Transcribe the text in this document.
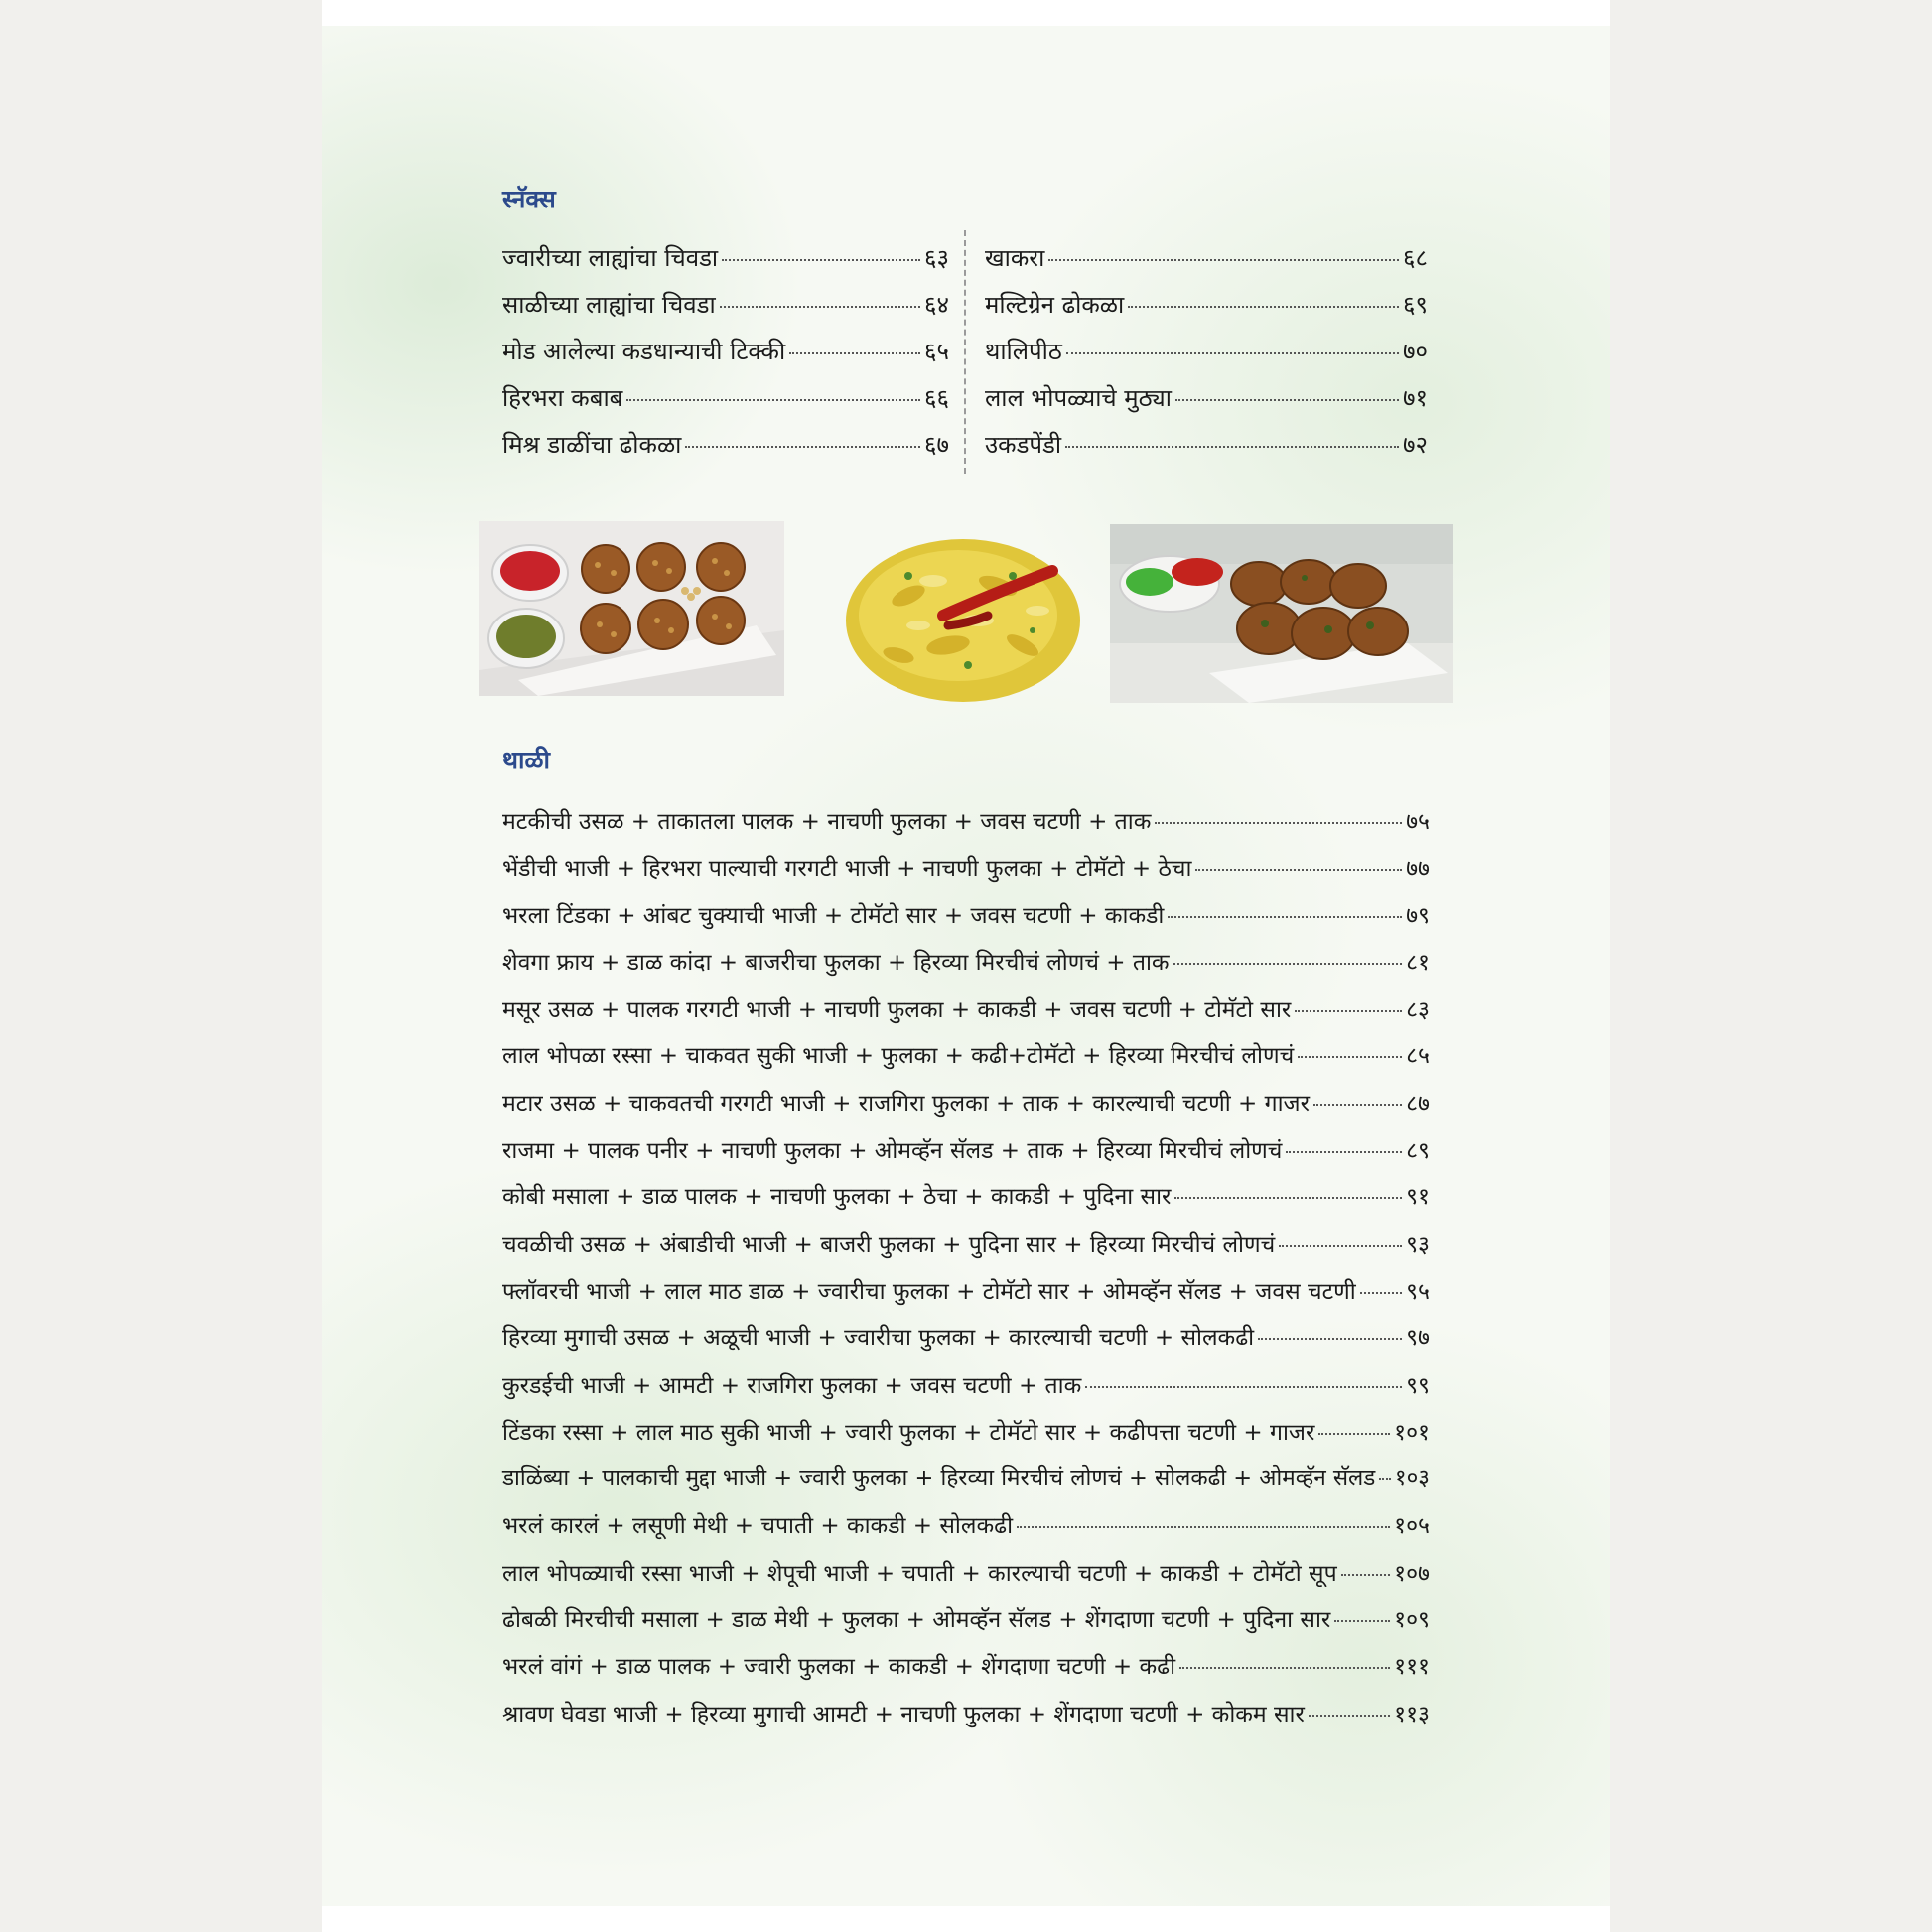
स्नॅक्स
ज्वारीच्या लाह्यांचा चिवडा	६३
साळीच्या लाह्यांचा चिवडा	६४
मोड आलेल्या कडधान्याची टिक्की	६५
हिरभरा कबाब	६६
मिश्र डाळींचा ढोकळा	६७
खाकरा	६८
मल्टिग्रेन ढोकळा	६९
थालिपीठ	७०
लाल भोपळ्याचे मुठ्या	७१
उकडपेंडी	७२
थाळी
मटकीची उसळ + ताकातला पालक + नाचणी फुलका + जवस चटणी + ताक	७५
भेंडीची भाजी + हिरभरा पाल्याची गरगटी भाजी + नाचणी फुलका + टोमॅटो + ठेचा	७७
भरला टिंडका + आंबट चुक्याची भाजी + टोमॅटो सार + जवस चटणी + काकडी	७९
शेवगा फ्राय + डाळ कांदा + बाजरीचा फुलका + हिरव्या मिरचीचं लोणचं + ताक	८१
मसूर उसळ + पालक गरगटी भाजी + नाचणी फुलका + काकडी + जवस चटणी + टोमॅटो सार	८३
लाल भोपळा रस्सा + चाकवत सुकी भाजी + फुलका + कढी+टोमॅटो + हिरव्या मिरचीचं लोणचं	८५
मटार उसळ + चाकवतची गरगटी भाजी + राजगिरा फुलका + ताक + कारल्याची चटणी + गाजर	८७
राजमा + पालक पनीर + नाचणी फुलका + ओमव्हॅन सॅलड + ताक + हिरव्या मिरचीचं लोणचं	८९
कोबी मसाला + डाळ पालक + नाचणी फुलका + ठेचा + काकडी + पुदिना सार	९१
चवळीची उसळ + अंबाडीची भाजी + बाजरी फुलका + पुदिना सार + हिरव्या मिरचीचं लोणचं	९३
फ्लॉवरची भाजी + लाल माठ डाळ + ज्वारीचा फुलका + टोमॅटो सार + ओमव्हॅन सॅलड + जवस चटणी ९५
हिरव्या मुगाची उसळ + अळूची भाजी + ज्वारीचा फुलका + कारल्याची चटणी + सोलकढी	९७
कुरडईची भाजी + आमटी + राजगिरा फुलका + जवस चटणी + ताक	९९
टिंडका रस्सा + लाल माठ सुकी भाजी + ज्वारी फुलका + टोमॅटो सार + कढीपत्ता चटणी + गाजर	१०१
डाळिंब्या + पालकाची मुद्दा भाजी + ज्वारी फुलका + हिरव्या मिरचीचं लोणचं + सोलकढी + ओमव्हॅन सॅलड १०३
भरलं कारलं + लसूणी मेथी + चपाती + काकडी + सोलकढी	१०५
लाल भोपळ्याची रस्सा भाजी + शेपूची भाजी + चपाती + कारल्याची चटणी + काकडी + टोमॅटो सूप १०७
ढोबळी मिरचीची मसाला + डाळ मेथी + फुलका + ओमव्हॅन सॅलड + शेंगदाणा चटणी + पुदिना सार	१०९
भरलं वांगं + डाळ पालक + ज्वारी फुलका + काकडी + शेंगदाणा चटणी + कढी	१११
श्रावण घेवडा भाजी + हिरव्या मुगाची आमटी + नाचणी फुलका + शेंगदाणा चटणी + कोकम सार	११३
